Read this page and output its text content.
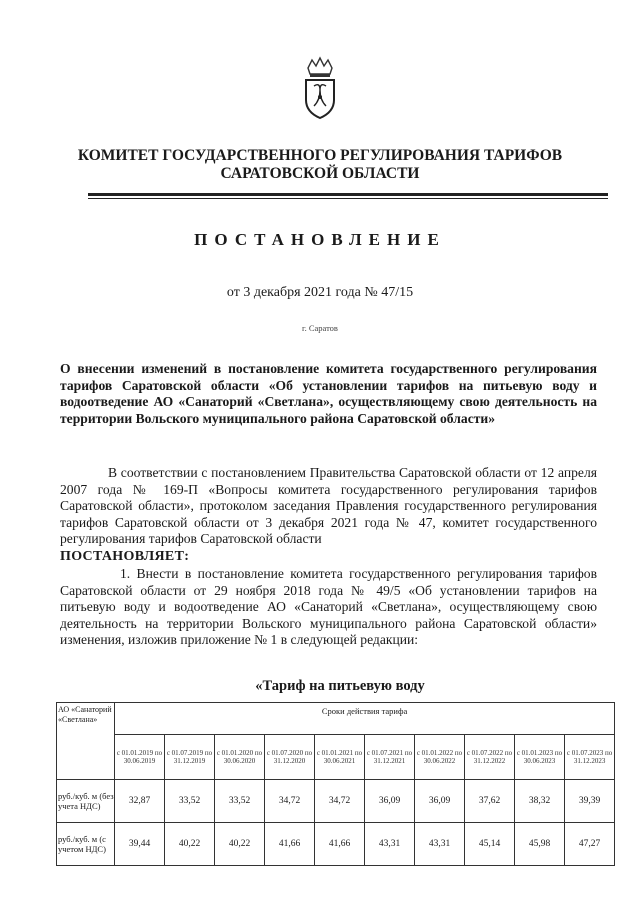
КОМИТЕТ ГОСУДАРСТВЕННОГО РЕГУЛИРОВАНИЯ ТАРИФОВ
САРАТОВСКОЙ ОБЛАСТИ
ПОСТАНОВЛЕНИЕ
от 3 декабря 2021 года № 47/15
г. Саратов
О внесении изменений в постановление комитета государственного регулирования тарифов Саратовской области «Об установлении тарифов на питьевую воду и водоотведение АО «Санаторий «Светлана», осуществляющему свою деятельность на территории Вольского муниципального района Саратовской области»
В соответствии с постановлением Правительства Саратовской области от 12 апреля 2007 года № 169-П «Вопросы комитета государственного регулирования тарифов Саратовской области», протоколом заседания Правления государственного регулирования тарифов Саратовской области от 3 декабря 2021 года № 47, комитет государственного регулирования тарифов Саратовской области
ПОСТАНОВЛЯЕТ:
1. Внести в постановление комитета государственного регулирования тарифов Саратовской области от 29 ноября 2018 года № 49/5 «Об установлении тарифов на питьевую воду и водоотведение АО «Санаторий «Светлана», осуществляющему свою деятельность на территории Вольского муниципального района Саратовской области» изменения, изложив приложение № 1 в следующей редакции:
«Тариф на питьевую воду
АО «Санаторий «Светлана»	Сроки действия тарифа									
	с 01.01.2019 по 30.06.2019	с 01.07.2019 по 31.12.2019	с 01.01.2020 по 30.06.2020	с 01.07.2020 по 31.12.2020	с 01.01.2021 по 30.06.2021	с 01.07.2021 по 31.12.2021	с 01.01.2022 по 30.06.2022	с 01.07.2022 по 31.12.2022	с 01.01.2023 по 30.06.2023	с 01.07.2023 по 31.12.2023
руб./куб. м (без учета НДС)	32,87	33,52	33,52	34,72	34,72	36,09	36,09	37,62	38,32	39,39
руб./куб. м (с учетом НДС)	39,44	40,22	40,22	41,66	41,66	43,31	43,31	45,14	45,98	47,27
